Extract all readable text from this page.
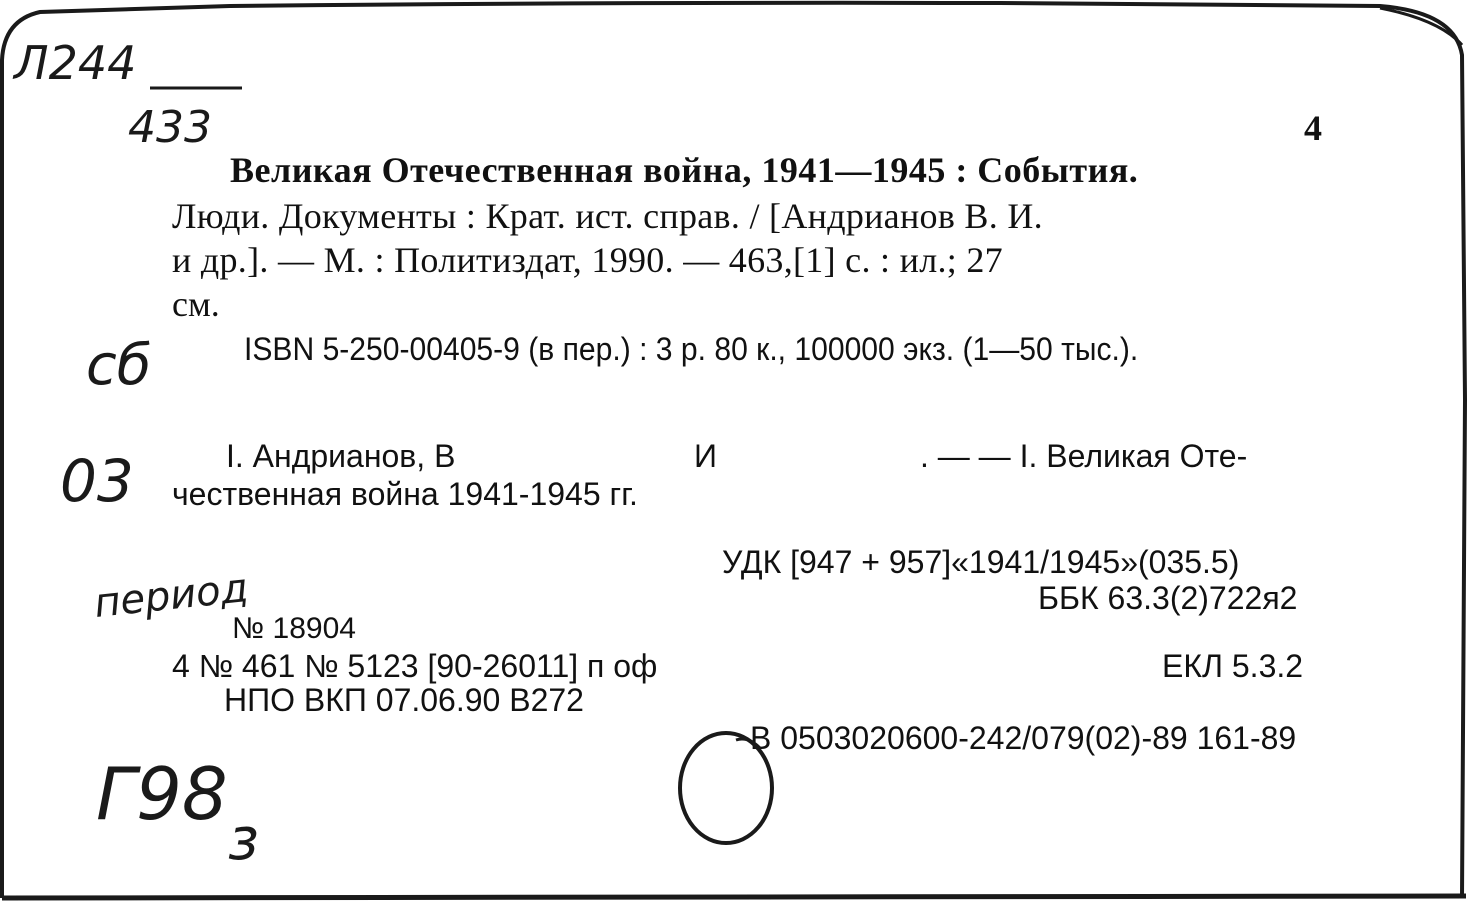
Л244
433	4
Великая Отечественная война, 1941—1945 : События.
Люди. Документы : Крат. ист. справ. / [Андрианов В. И.
и др.]. — М. : Политиздат, 1990. — 463,[1] с. : ил.; 27
см.
сб	ISBN 5-250-00405-9 (в пер.) : 3 р. 80 к., 100000 экз. (1—50 тыс.).
03	I. Андрианов, В	И	. — — I. Великая Оте-
чественная война 1941-1945 гг.
УДК [947 + 957]«1941/1945»(035.5)
ББК 63.3(2)722я2
период
№ 18904
4 № 461 № 5123 [90-26011] п оф	ЕКЛ 5.3.2
НПО ВКП 07.06.90 В272
В 0503020600-242/079(02)-89 161-89
Г98
з
